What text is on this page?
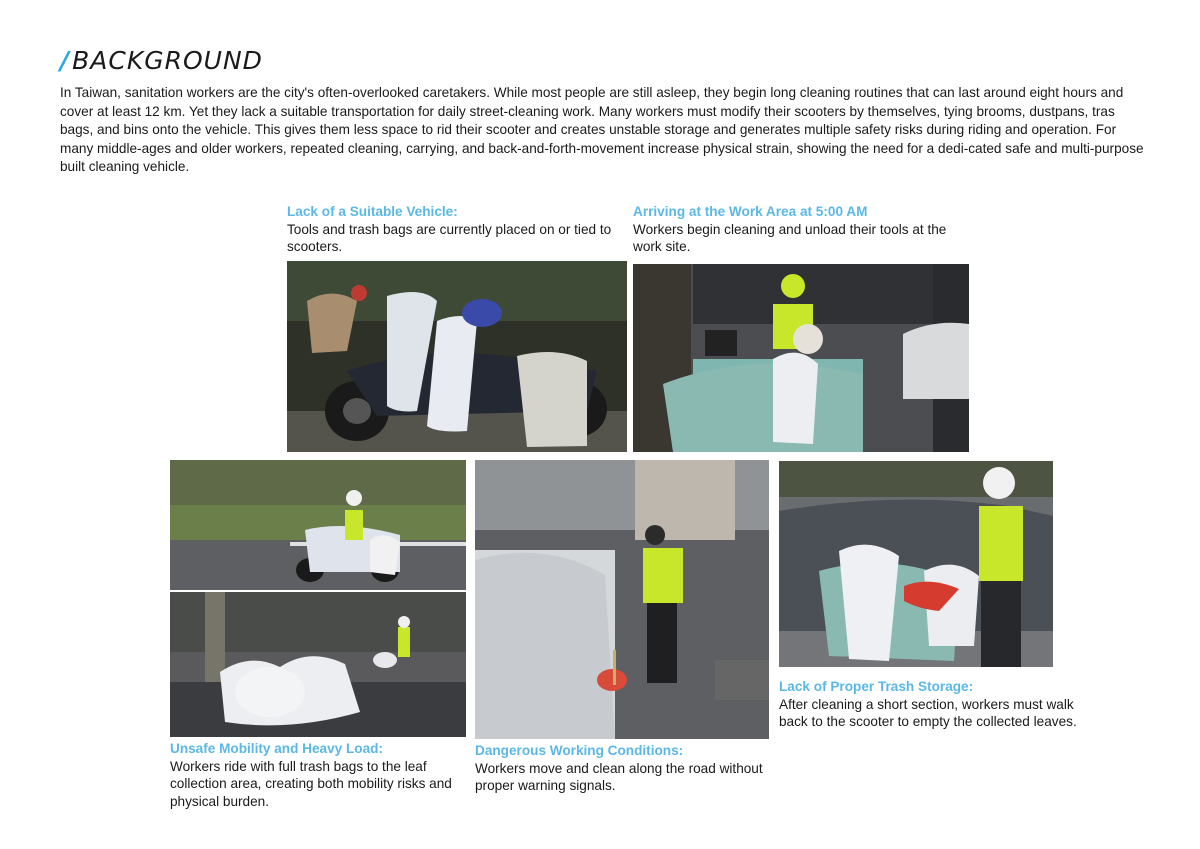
/BACKGROUND
In Taiwan, sanitation workers are the city's often-overlooked caretakers. While most people are still asleep, they begin long cleaning routines that can last around eight hours and cover at least 12 km. Yet they lack a suitable transportation for daily street-cleaning work. Many workers must modify their scooters by themselves, tying brooms, dustpans, tras bags, and bins onto the vehicle. This gives them less space to rid their scooter and creates unstable storage and generates multiple safety risks during riding and operation. For many middle-ages and older workers, repeated cleaning, carrying, and back-and-forth-movement increase physical strain, showing the need for a dedi-cated safe and multi-purpose built cleaning vehicle.
Lack of a Suitable Vehicle:
Tools and trash bags are currently placed on or tied to scooters.
Arriving at the Work Area at 5:00 AM
Workers begin cleaning and unload their tools at the work site.
Unsafe Mobility and Heavy Load:
Workers ride with full trash bags to the leaf collection area, creating both mobility risks and physical burden.
Dangerous Working Conditions:
Workers move and clean along the road without proper warning signals.
Lack of Proper Trash Storage:
After cleaning a short section, workers must walk back to the scooter to empty the collected leaves.
